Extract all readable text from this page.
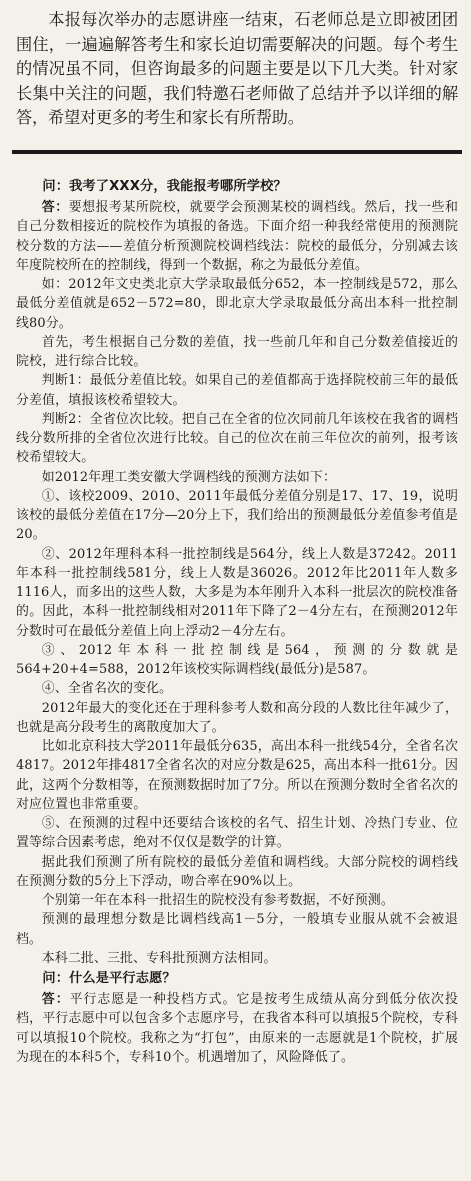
本报每次举办的志愿讲座一结束，石老师总是立即被团团围住，一遍遍解答考生和家长迫切需要解决的问题。每个考生的情况虽不同，但咨询最多的问题主要是以下几大类。针对家长集中关注的问题，我们特邀石老师做了总结并予以详细的解答，希望对更多的考生和家长有所帮助。

问：我考了XXX分，我能报考哪所学校？

答：要想报考某所院校，就要学会预测某校的调档线。然后，找一些和自己分数相接近的院校作为填报的备选。下面介绍一种我经常使用的预测院校分数的方法——差值分析预测院校调档线法：院校的最低分，分别减去该年度院校所在的控制线，得到一个数据，称之为最低分差值。

如：2012年文史类北京大学录取最低分652，本一控制线是572，那么最低分差值就是652－572=80，即北京大学录取最低分高出本科一批控制线80分。

首先，考生根据自己分数的差值，找一些前几年和自己分数差值接近的院校，进行综合比较。

判断1：最低分差值比较。如果自己的差值都高于选择院校前三年的最低分差值，填报该校希望较大。

判断2：全省位次比较。把自己在全省的位次同前几年该校在我省的调档线分数所排的全省位次进行比较。自己的位次在前三年位次的前列，报考该校希望较大。

如2012年理工类安徽大学调档线的预测方法如下：

①、该校2009、2010、2011年最低分差值分别是17、17、19，说明该校的最低分差值在17分—20分上下，我们给出的预测最低分差值参考值是20。

②、2012年理科本科一批控制线是564分，线上人数是37242。2011年本科一批控制线581分，线上人数是36026。2012年比2011年人数多1116人，而多出的这些人数，大多是为本年刚升入本科一批层次的院校准备的。因此，本科一批控制线相对2011年下降了2－4分左右，在预测2012年分数时可在最低分差值上向上浮动2－4分左右。

③、2012年本科一批控制线是564，预测的分数就是564+20+4=588，2012年该校实际调档线(最低分)是587。

④、全省名次的变化。

2012年最大的变化还在于理科参考人数和高分段的人数比往年减少了，也就是高分段考生的离散度加大了。

比如北京科技大学2011年最低分635，高出本科一批线54分，全省名次4817。2012年排4817全省名次的对应分数是625，高出本科一批61分。因此，这两个分数相等，在预测数据时加了7分。所以在预测分数时全省名次的对应位置也非常重要。

⑤、在预测的过程中还要结合该校的名气、招生计划、冷热门专业、位置等综合因素考虑，绝对不仅仅是数学的计算。

据此我们预测了所有院校的最低分差值和调档线。大部分院校的调档线在预测分数的5分上下浮动，吻合率在90%以上。

个别第一年在本科一批招生的院校没有参考数据，不好预测。

预测的最理想分数是比调档线高1－5分，一般填专业服从就不会被退档。

本科二批、三批、专科批预测方法相同。

问：什么是平行志愿？

答：平行志愿是一种投档方式。它是按考生成绩从高分到低分依次投档，平行志愿中可以包含多个志愿序号，在我省本科可以填报5个院校，专科可以填报10个院校。我称之为“打包”，由原来的一志愿就是1个院校，扩展为现在的本科5个，专科10个。机遇增加了，风险降低了。
